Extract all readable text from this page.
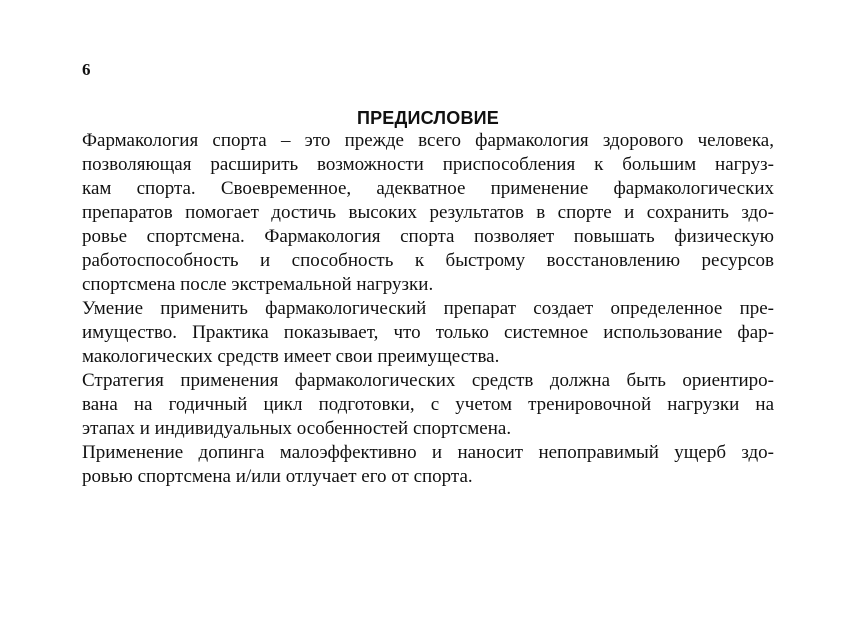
6
ПРЕДИСЛОВИЕ
Фармакология спорта – это прежде всего фармакология здорового человека,
позволяющая расширить возможности приспособления к большим нагруз-
кам спорта. Своевременное, адекватное применение фармакологических
препаратов помогает достичь высоких результатов в спорте и сохранить здо-
ровье спортсмена. Фармакология спорта позволяет повышать физическую
работоспособность и способность к быстрому восстановлению ресурсов
спортсмена после экстремальной нагрузки.
Умение применить фармакологический препарат создает определенное пре-
имущество. Практика показывает, что только системное использование фар-
макологических средств имеет свои преимущества.
Стратегия применения фармакологических средств должна быть ориентиро-
вана на годичный цикл подготовки, с учетом тренировочной нагрузки на
этапах и индивидуальных особенностей спортсмена.
Применение допинга малоэффективно и наносит непоправимый ущерб здо-
ровью спортсмена и/или отлучает его от спорта.
